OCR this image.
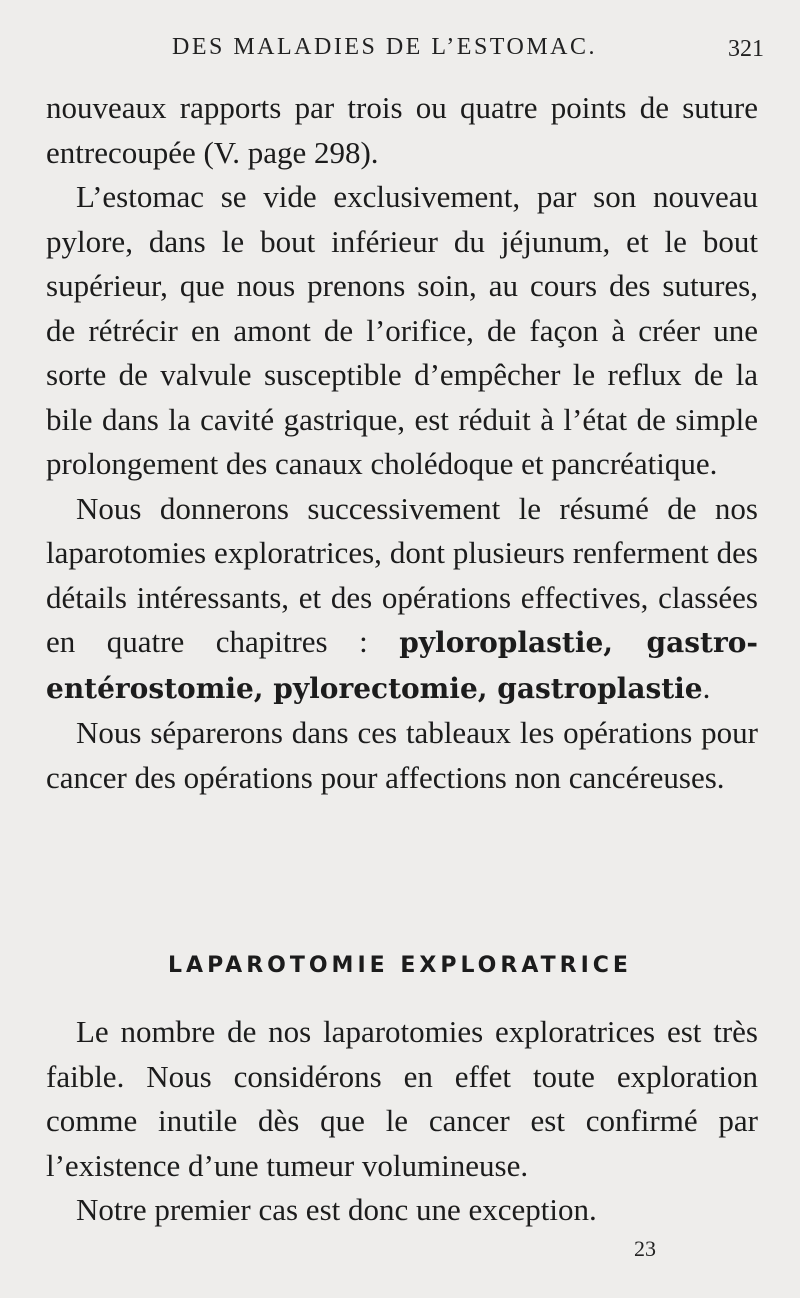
DES MALADIES DE L’ESTOMAC.	321

nouveaux rapports par trois ou quatre points de suture entrecoupée (V. page 298).

L’estomac se vide exclusivement, par son nouveau pylore, dans le bout inférieur du jéjunum, et le bout supérieur, que nous prenons soin, au cours des sutures, de rétrécir en amont de l’orifice, de façon à créer une sorte de valvule susceptible d’empêcher le reflux de la bile dans la cavité gastrique, est réduit à l’état de simple prolongement des canaux cholédoque et pancréatique.

Nous donnerons successivement le résumé de nos laparotomies exploratrices, dont plusieurs renferment des détails intéressants, et des opérations effectives, classées en quatre chapitres : pyloroplastie, gastro-entérostomie, pylorectomie, gastroplastie.

Nous séparerons dans ces tableaux les opérations pour cancer des opérations pour affections non cancéreuses.

LAPAROTOMIE EXPLORATRICE

Le nombre de nos laparotomies exploratrices est très faible. Nous considérons en effet toute exploration comme inutile dès que le cancer est confirmé par l’existence d’une tumeur volumineuse.

Notre premier cas est donc une exception.

23
